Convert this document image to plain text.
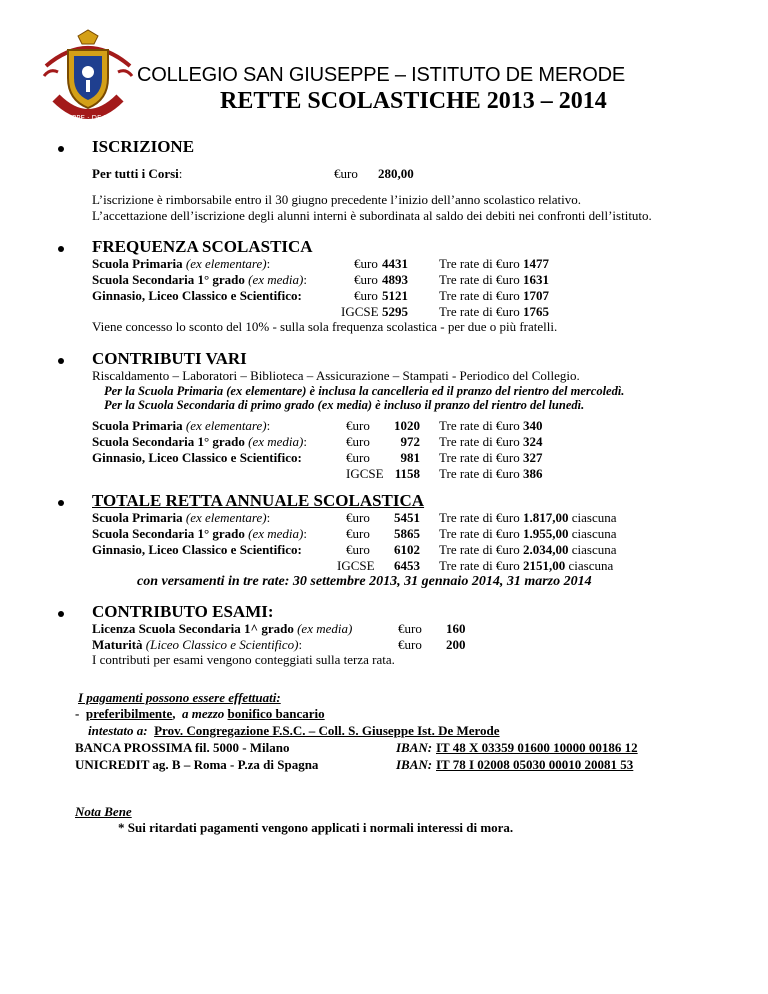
S. GIUSEPPE · DE MERODE
COLLEGIO SAN GIUSEPPE – ISTITUTO DE MERODE
RETTE SCOLASTICHE 2013 – 2014
ISCRIZIONE
Per tutti i Corsi:	€uro 280,00
L’iscrizione è rimborsabile entro il 30 giugno precedente l’inizio dell’anno scolastico relativo.
L’accettazione dell’iscrizione degli alunni interni è subordinata al saldo dei debiti nei confronti dell’istituto.
FREQUENZA SCOLASTICA
Scuola Primaria (ex elementare):	€uro 4431 Tre rate di €uro 1477
Scuola Secondaria 1° grado (ex media):	€uro 4893 Tre rate di €uro 1631
Ginnasio, Liceo Classico e Scientifico:	€uro 5121 Tre rate di €uro 1707
IGCSE 5295 Tre rate di €uro 1765
Viene concesso lo sconto del 10% - sulla sola frequenza scolastica - per due o più fratelli.
CONTRIBUTI VARI
Riscaldamento – Laboratori – Biblioteca – Assicurazione – Stampati - Periodico del Collegio.
Per la Scuola Primaria (ex elementare) è inclusa la cancelleria ed il pranzo del rientro del mercoledì.
Per la Scuola Secondaria di primo grado (ex media) è incluso il pranzo del rientro del lunedì.
Scuola Primaria (ex elementare):	€uro	1020 Tre rate di €uro 340
Scuola Secondaria 1° grado (ex media):	€uro	972 Tre rate di €uro 324
Ginnasio, Liceo Classico e Scientifico:	€uro	981 Tre rate di €uro 327
IGCSE 1158 Tre rate di €uro 386
TOTALE RETTA ANNUALE SCOLASTICA
Scuola Primaria (ex elementare):	€uro	5451 Tre rate di €uro 1.817,00 ciascuna
Scuola Secondaria 1° grado (ex media):	€uro	5865 Tre rate di €uro 1.955,00 ciascuna
Ginnasio, Liceo Classico e Scientifico:	€uro	6102 Tre rate di €uro 2.034,00 ciascuna
IGCSE	6453 Tre rate di €uro 2151,00 ciascuna
con versamenti in tre rate: 30 settembre 2013, 31 gennaio 2014, 31 marzo 2014
CONTRIBUTO ESAMI:
Licenza Scuola Secondaria 1^ grado (ex media)	€uro 160
Maturità (Liceo Classico e Scientifico):	€uro 200
I contributi per esami vengono conteggiati sulla terza rata.
I pagamenti possono essere effettuati:
- preferibilmente, a mezzo bonifico bancario
intestato a: Prov. Congregazione F.S.C. – Coll. S. Giuseppe Ist. De Merode
BANCA PROSSIMA fil. 5000 - Milano	IBAN: IT 48 X 03359 01600 10000 00186 12
UNICREDIT ag. B – Roma - P.za di Spagna	IBAN: IT 78 I 02008 05030 00010 20081 53
Nota Bene
* Sui ritardati pagamenti vengono applicati i normali interessi di mora.
